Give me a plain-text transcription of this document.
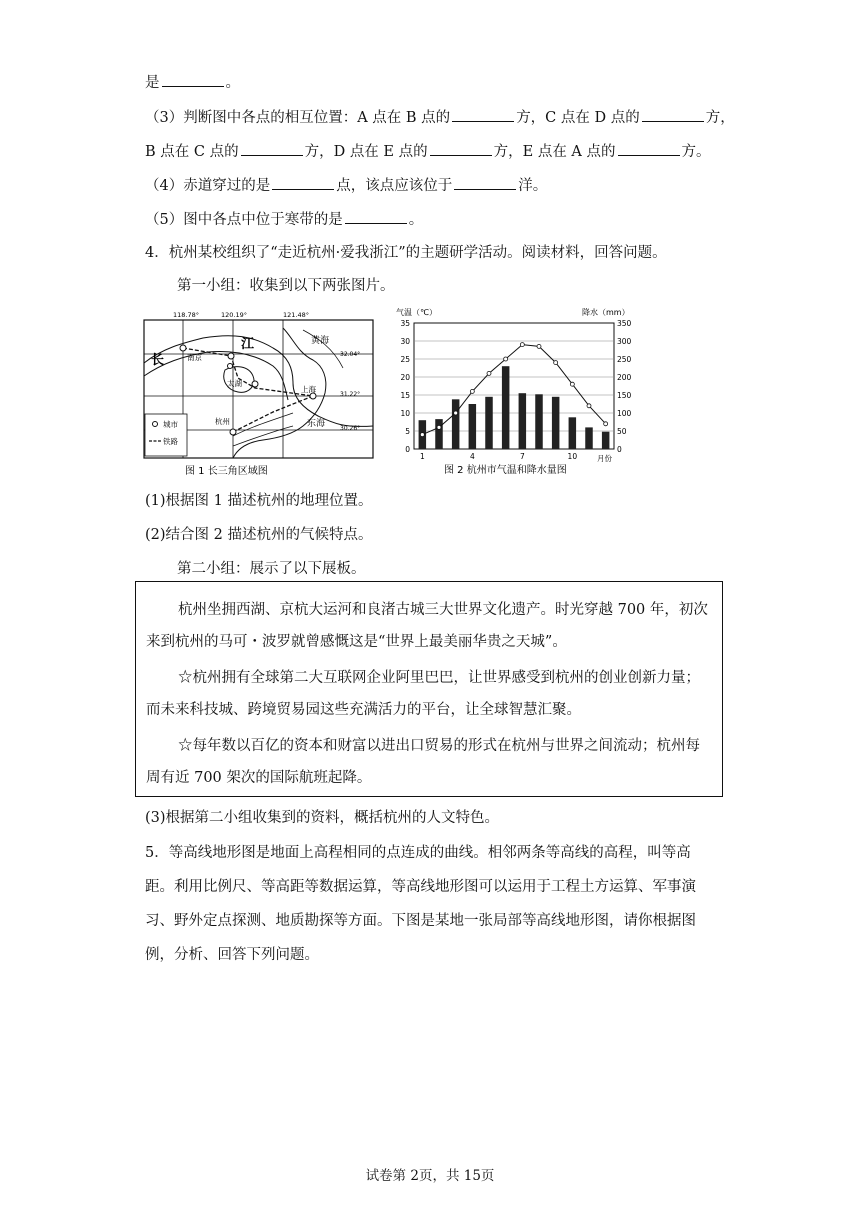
是	。
（3）判断图中各点的相互位置：A 点在 B 点的	方，C 点在 D 点的	方，
B 点在 C 点的	方，D 点在 E 点的	方，E 点在 A 点的	方。
（4）赤道穿过的是	点，该点应该位于	洋。
（5）图中各点中位于寒带的是	。
4．杭州某校组织了“走近杭州·爱我浙江”的主题研学活动。阅读材料，回答问题。
第一小组：收集到以下两张图片。
118.78°	120.19°	121.48°
32.04°
31.22°
30.26°
江
长
黄海
东海
南京
太湖
上海
杭州
城市
铁路
图 1 长三角区域图
气温（℃）	降水（mm）
0
5
10
15
20
25
30
35
0
50
100
150
200
250
300
350
1	4	7	10	月份
图 2 杭州市气温和降水量图
(1)根据图 1 描述杭州的地理位置。
(2)结合图 2 描述杭州的气候特点。
第二小组：展示了以下展板。

杭州坐拥西湖、京杭大运河和良渚古城三大世界文化遗产。时光穿越 700 年，初次

来到杭州的马可・波罗就曾感慨这是“世界上最美丽华贵之天城”。

☆杭州拥有全球第二大互联网企业阿里巴巴，让世界感受到杭州的创业创新力量；

而未来科技城、跨境贸易园这些充满活力的平台，让全球智慧汇聚。

☆每年数以百亿的资本和财富以进出口贸易的形式在杭州与世界之间流动；杭州每

周有近 700 架次的国际航班起降。

(3)根据第二小组收集到的资料，概括杭州的人文特色。
5．等高线地形图是地面上高程相同的点连成的曲线。相邻两条等高线的高程，叫等高
距。利用比例尺、等高距等数据运算，等高线地形图可以运用于工程土方运算、军事演
习、野外定点探测、地质勘探等方面。下图是某地一张局部等高线地形图，请你根据图
例，分析、回答下列问题。
试卷第 2页，共 15页
